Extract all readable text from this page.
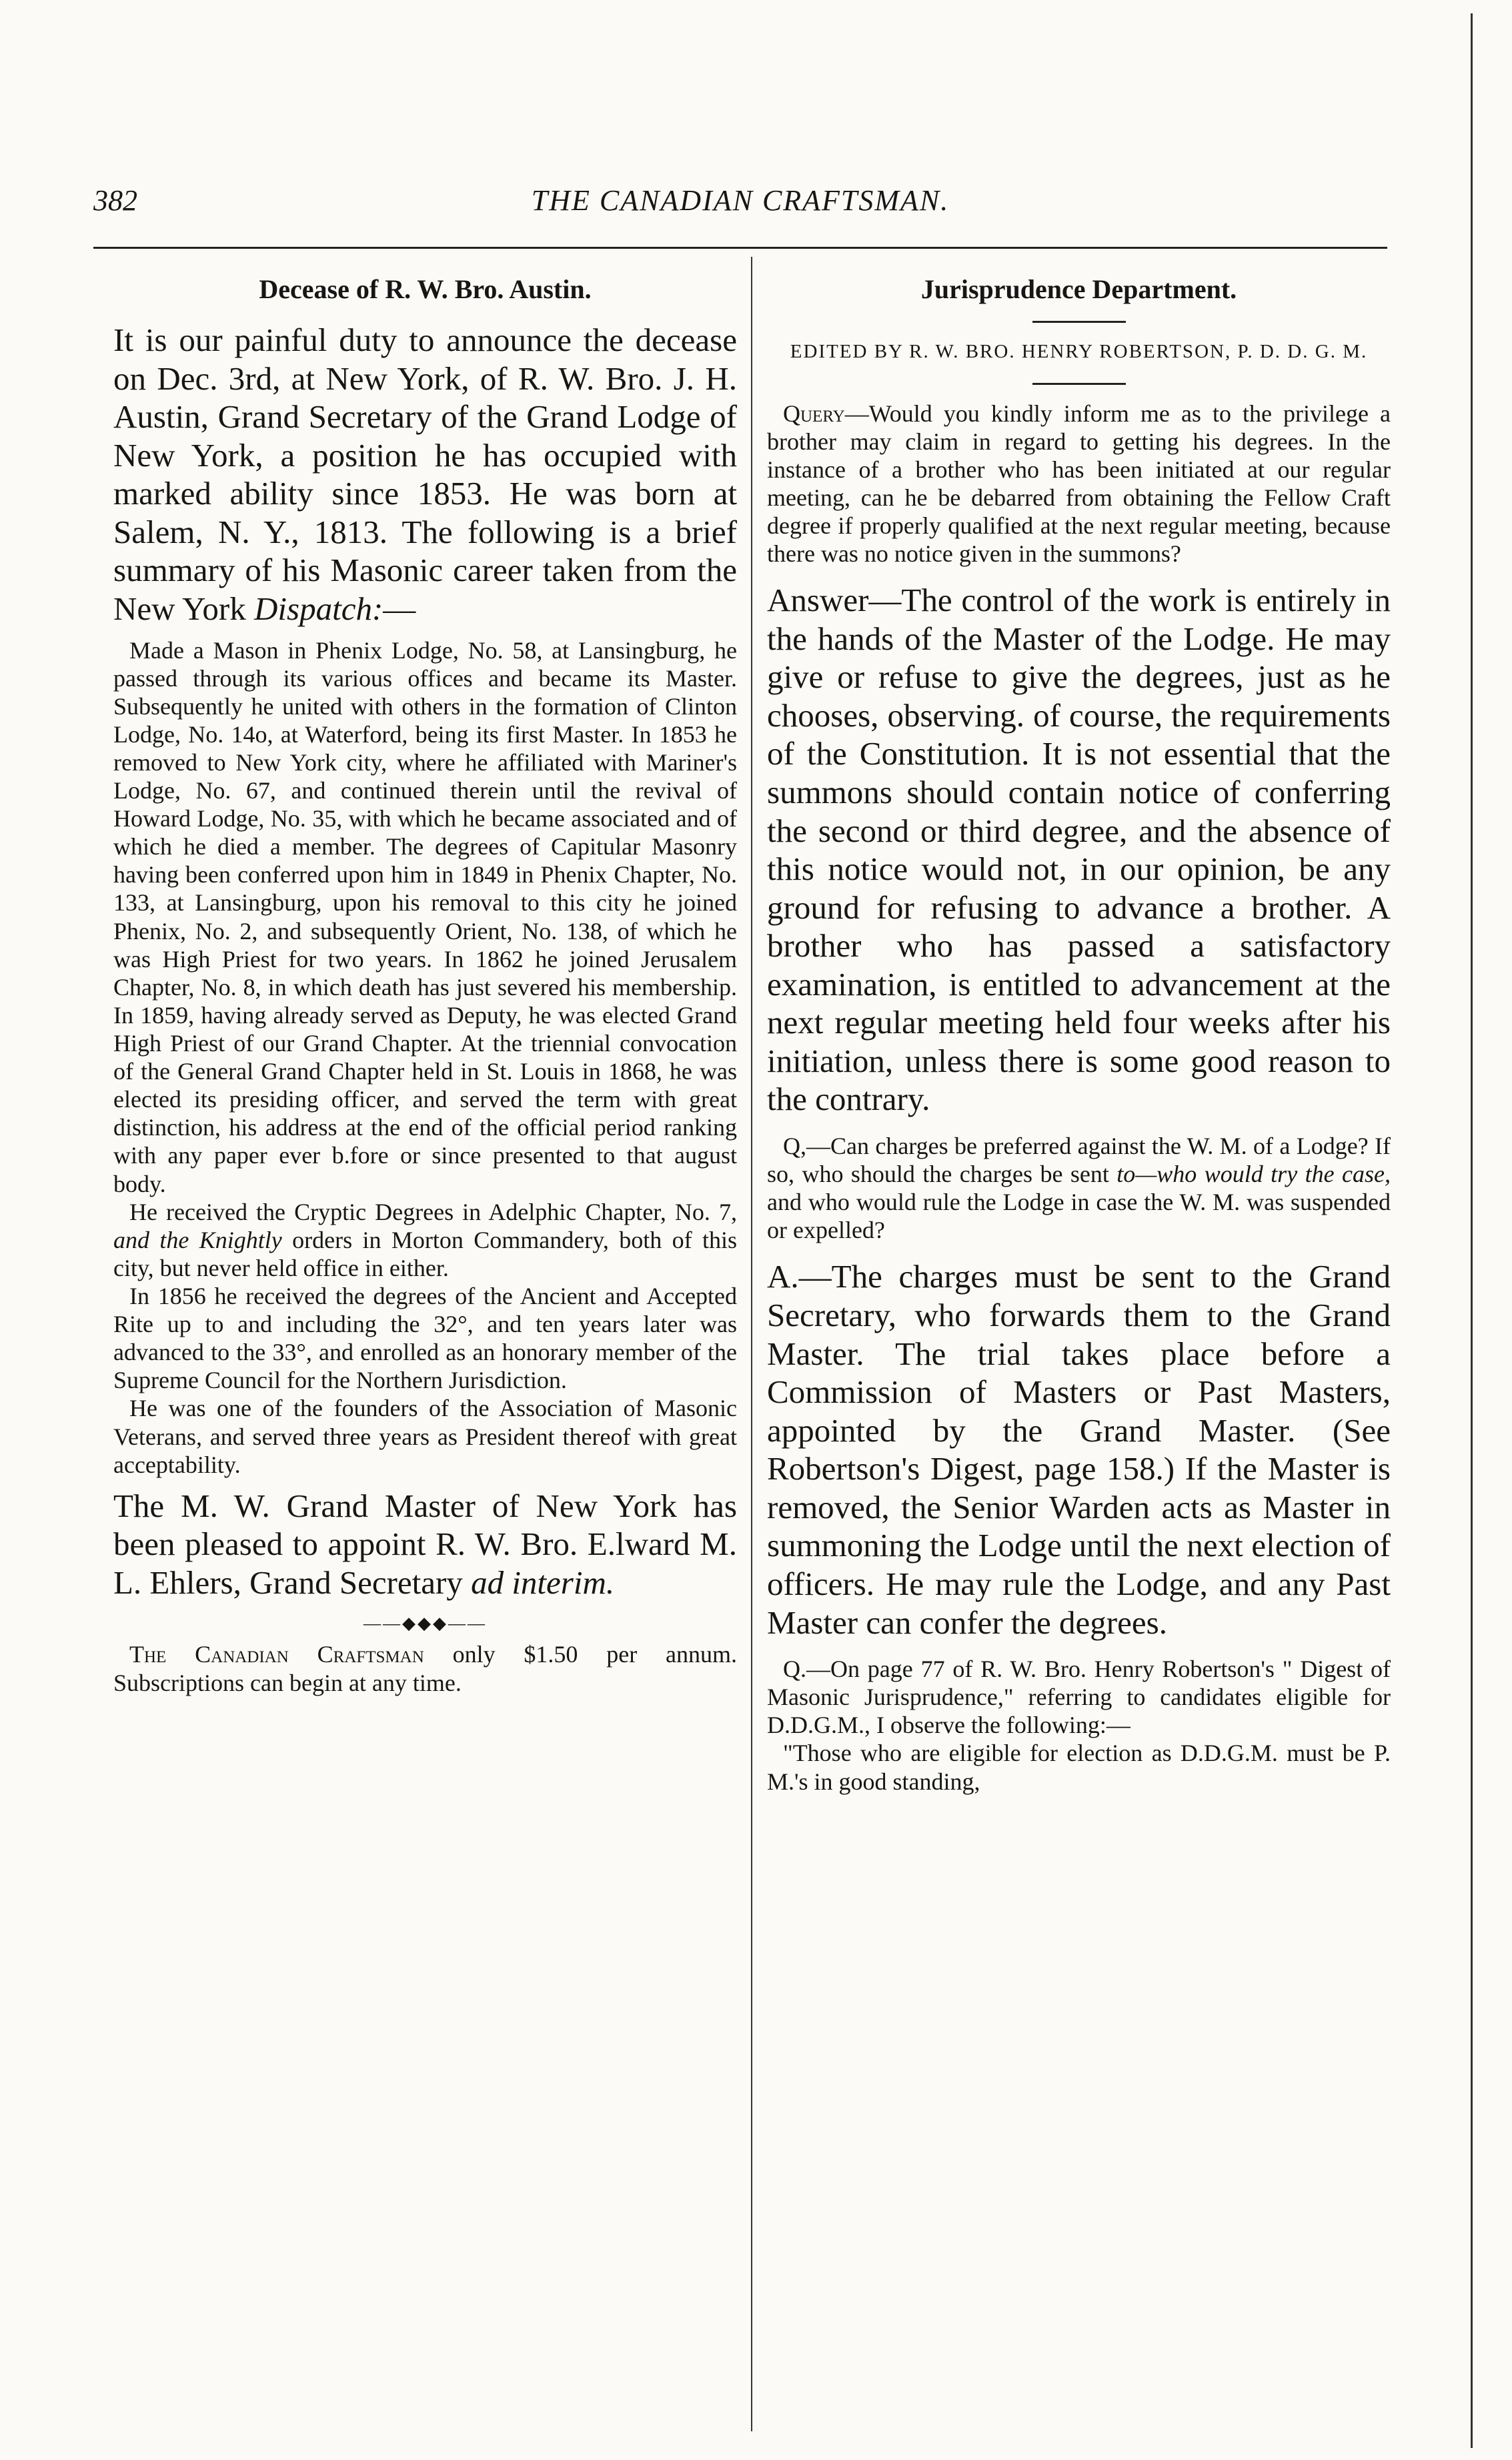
382	THE CANADIAN CRAFTSMAN.
Decease of R. W. Bro. Austin.

It is our painful duty to announce the decease on Dec. 3rd, at New York, of R. W. Bro. J. H. Austin, Grand Secretary of the Grand Lodge of New York, a position he has occupied with marked ability since 1853. He was born at Salem, N. Y., 1813. The following is a brief summary of his Masonic career taken from the New York Dispatch:—

Made a Mason in Phenix Lodge, No. 58, at Lansingburg, he passed through its various offices and became its Master. Subsequently he united with others in the formation of Clinton Lodge, No. 14o, at Waterford, being its first Master. In 1853 he removed to New York city, where he affiliated with Mariner's Lodge, No. 67, and continued therein until the revival of Howard Lodge, No. 35, with which he became associated and of which he died a member. The degrees of Capitular Masonry having been conferred upon him in 1849 in Phenix Chapter, No. 133, at Lansingburg, upon his removal to this city he joined Phenix, No. 2, and subsequently Orient, No. 138, of which he was High Priest for two years. In 1862 he joined Jerusalem Chapter, No. 8, in which death has just severed his membership. In 1859, having already served as Deputy, he was elected Grand High Priest of our Grand Chapter. At the triennial convocation of the General Grand Chapter held in St. Louis in 1868, he was elected its presiding officer, and served the term with great distinction, his address at the end of the official period ranking with any paper ever b.fore or since presented to that august body.

He received the Cryptic Degrees in Adelphic Chapter, No. 7, and the Knightly orders in Morton Commandery, both of this city, but never held office in either.

In 1856 he received the degrees of the Ancient and Accepted Rite up to and including the 32°, and ten years later was advanced to the 33°, and enrolled as an honorary member of the Supreme Council for the Northern Jurisdiction.

He was one of the founders of the Association of Masonic Veterans, and served three years as President thereof with great acceptability.

The M. W. Grand Master of New York has been pleased to appoint R. W. Bro. E.lward M. L. Ehlers, Grand Secretary ad interim.

——◆◆◆——

The Canadian Craftsman only $1.50 per annum. Subscriptions can begin at any time.

Jurisprudence Department.
EDITED BY R. W. BRO. HENRY ROBERTSON, P. D. D. G. M.

Query—Would you kindly inform me as to the privilege a brother may claim in regard to getting his degrees. In the instance of a brother who has been initiated at our regular meeting, can he be debarred from obtaining the Fellow Craft degree if properly qualified at the next regular meeting, because there was no notice given in the summons?

Answer—The control of the work is entirely in the hands of the Master of the Lodge. He may give or refuse to give the degrees, just as he chooses, observing. of course, the requirements of the Constitution. It is not essential that the summons should contain notice of conferring the second or third degree, and the absence of this notice would not, in our opinion, be any ground for refusing to advance a brother. A brother who has passed a satisfactory examination, is entitled to advancement at the next regular meeting held four weeks after his initiation, unless there is some good reason to the contrary.

Q,—Can charges be preferred against the W. M. of a Lodge? If so, who should the charges be sent to—who would try the case, and who would rule the Lodge in case the W. M. was suspended or expelled?

A.—The charges must be sent to the Grand Secretary, who forwards them to the Grand Master. The trial takes place before a Commission of Masters or Past Masters, appointed by the Grand Master. (See Robertson's Digest, page 158.) If the Master is removed, the Senior Warden acts as Master in summoning the Lodge until the next election of officers. He may rule the Lodge, and any Past Master can confer the degrees.

Q.—On page 77 of R. W. Bro. Henry Robertson's " Digest of Masonic Jurisprudence," referring to candidates eligible for D.D.G.M., I observe the following:—

"Those who are eligible for election as D.D.G.M. must be P. M.'s in good standing,
